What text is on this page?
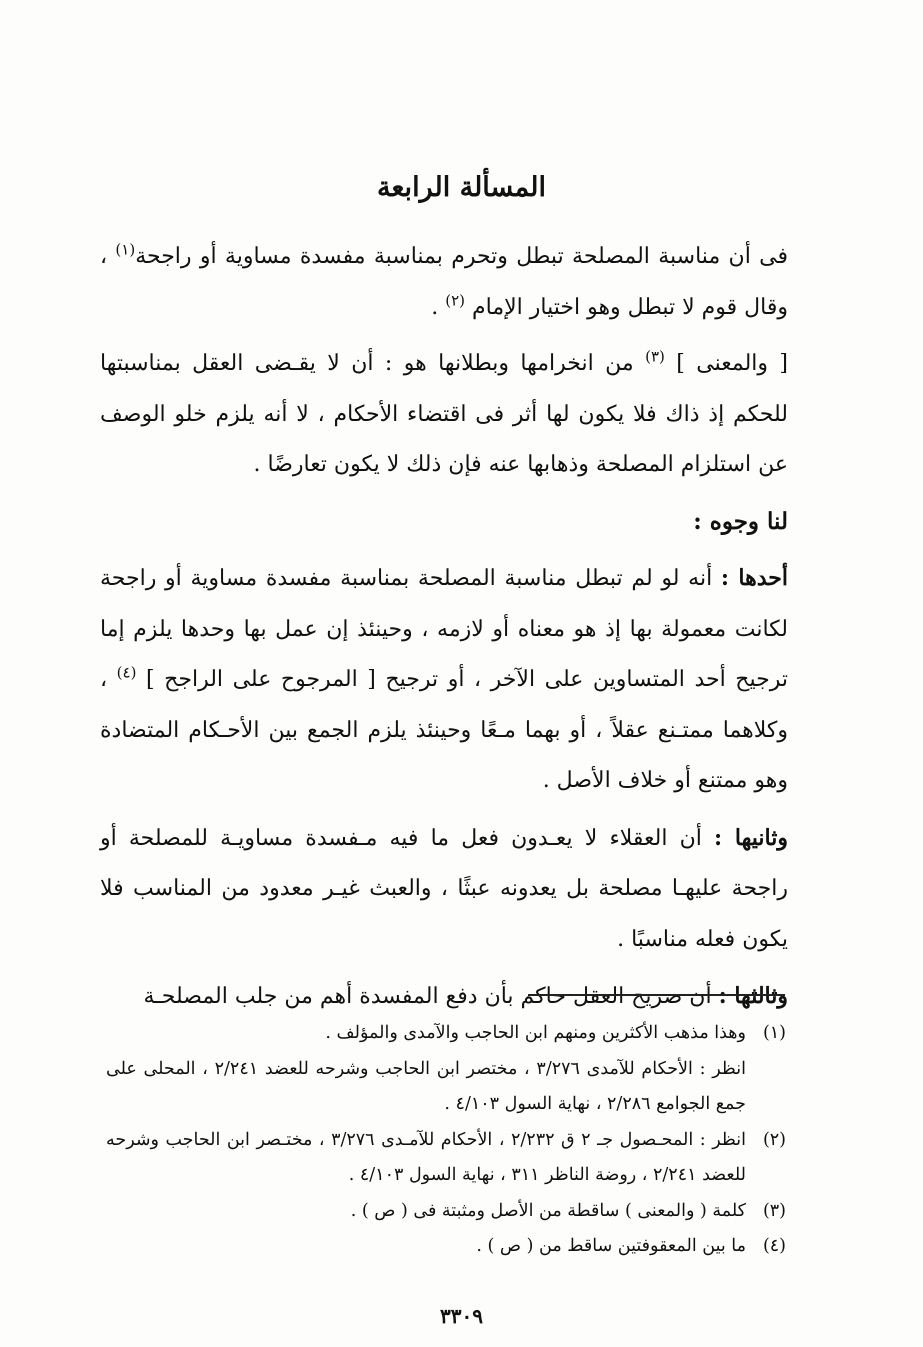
المسألة الرابعة

فى أن مناسبة المصلحة تبطل وتحرم بمناسبة مفسدة مساوية أو راجحة$^{(١)}$ ، وقال قوم لا تبطل وهو اختيار الإمام $^{(٢)}$ .

[ والمعنى ] $^{(٣)}$ من انخرامها وبطلانها هو : أن لا يقـضى العقل بمناسبتها للحكم إذ ذاك فلا يكون لها أثر فى اقتضاء الأحكام ، لا أنه يلزم خلو الوصف عن استلزام المصلحة وذهابها عنه فإن ذلك لا يكون تعارضًا .

لنا وجوه :

أحدها : أنه لو لم تبطل مناسبة المصلحة بمناسبة مفسدة مساوية أو راجحة لكانت معمولة بها إذ هو معناه أو لازمه ، وحينئذ إن عمل بها وحدها يلزم إما ترجيح أحد المتساوين على الآخر ، أو ترجيح [ المرجوح على الراجح ] $^{(٤)}$ ، وكلاهما ممتـنع عقلاً ، أو بهما مـعًا وحينئذ يلزم الجمع بين الأحـكام المتضادة وهو ممتنع أو خلاف الأصل .

وثانيها : أن العقلاء لا يعـدون فعل ما فيه مـفسدة مساويـة للمصلحة أو راجحة عليهـا مصلحة بل يعدونه عبثًا ، والعبث غيـر معدود من المناسب فلا يكون فعله مناسبًا .

وثالثها : أن صريح العقل حاكم بأن دفع المفسدة أهم من جلب المصلحـة

(١)
وهذا مذهب الأكثرين ومنهم ابن الحاجب والآمدى والمؤلف .
انظر : الأحكام للآمدى ٣/٢٧٦ ، مختصر ابن الحاجب وشرحه للعضد ٢/٢٤١ ، المحلى على جمع الجوامع ٢/٢٨٦ ، نهاية السول ٤/١٠٣ .
(٢)
انظر : المحـصول جـ ٢ ق ٢/٢٣٢ ، الأحكام للآمـدى ٣/٢٧٦ ، مختـصر ابن الحاجب وشرحه للعضد ٢/٢٤١ ، روضة الناظر ٣١١ ، نهاية السول ٤/١٠٣ .
(٣)
كلمة ( والمعنى ) ساقطة من الأصل ومثبتة فى ( ص ) .
(٤)
ما بين المعقوفتين ساقط من ( ص ) .
٣٣٠٩
